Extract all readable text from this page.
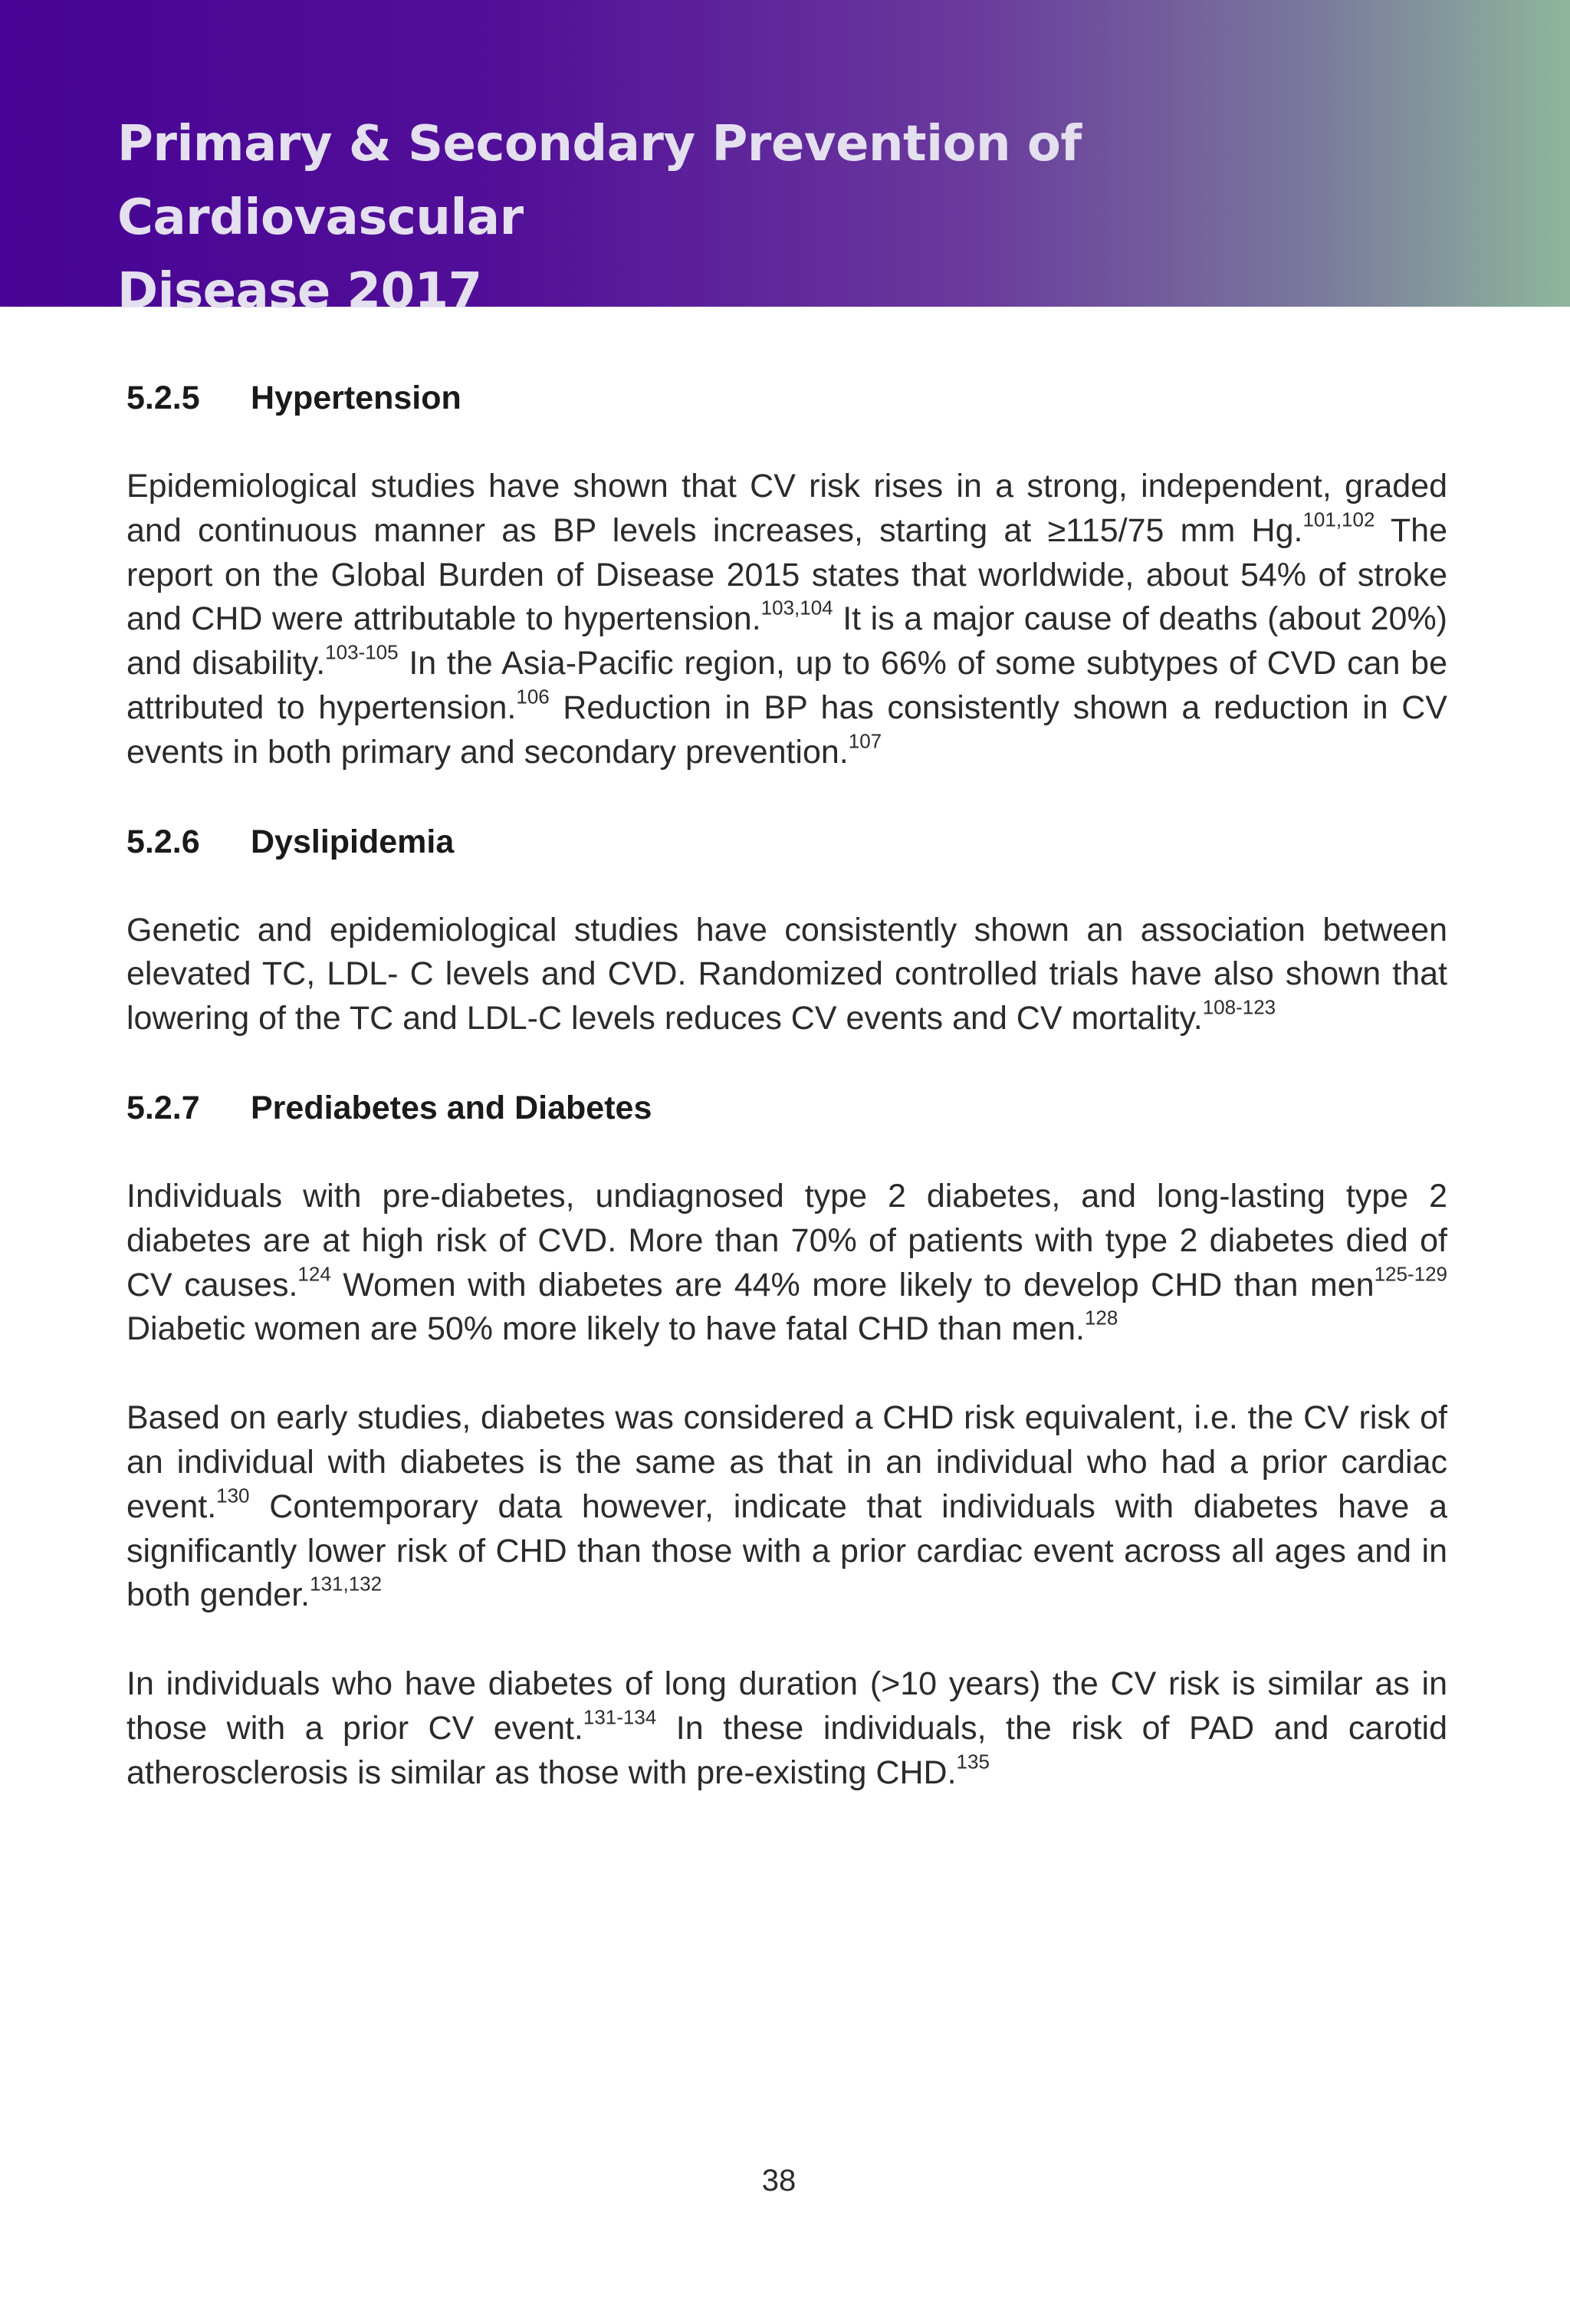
Primary & Secondary Prevention of Cardiovascular
Disease 2017
5.2.5 Hypertension

Epidemiological studies have shown that CV risk rises in a strong, independent, graded and continuous manner as BP levels increases, starting at ≥115/75 mm Hg.$^{101,102}$ The report on the Global Burden of Disease 2015 states that worldwide, about 54% of stroke and CHD were attributable to hypertension.$^{103,104}$ It is a major cause of deaths (about 20%) and disability.$^{103-105}$ In the Asia-Pacific region, up to 66% of some subtypes of CVD can be attributed to hypertension.$^{106}$ Reduction in BP has consistently shown a reduction in CV events in both primary and secondary prevention.$^{107}$

5.2.6 Dyslipidemia

Genetic and epidemiological studies have consistently shown an association between elevated TC, LDL- C levels and CVD. Randomized controlled trials have also shown that lowering of the TC and LDL-C levels reduces CV events and CV mortality.$^{108-123}$

5.2.7 Prediabetes and Diabetes

Individuals with pre-diabetes, undiagnosed type 2 diabetes, and long-lasting type 2 diabetes are at high risk of CVD. More than 70% of patients with type 2 diabetes died of CV causes.$^{124}$ Women with diabetes are 44% more likely to develop CHD than men$^{125-129}$ Diabetic women are 50% more likely to have fatal CHD than men.$^{128}$

Based on early studies, diabetes was considered a CHD risk equivalent, i.e. the CV risk of an individual with diabetes is the same as that in an individual who had a prior cardiac event.$^{130}$ Contemporary data however, indicate that individuals with diabetes have a significantly lower risk of CHD than those with a prior cardiac event across all ages and in both gender.$^{131,132}$

In individuals who have diabetes of long duration (>10 years) the CV risk is similar as in those with a prior CV event.$^{131-134}$ In these individuals, the risk of PAD and carotid atherosclerosis is similar as those with pre-existing CHD.$^{135}$

38
